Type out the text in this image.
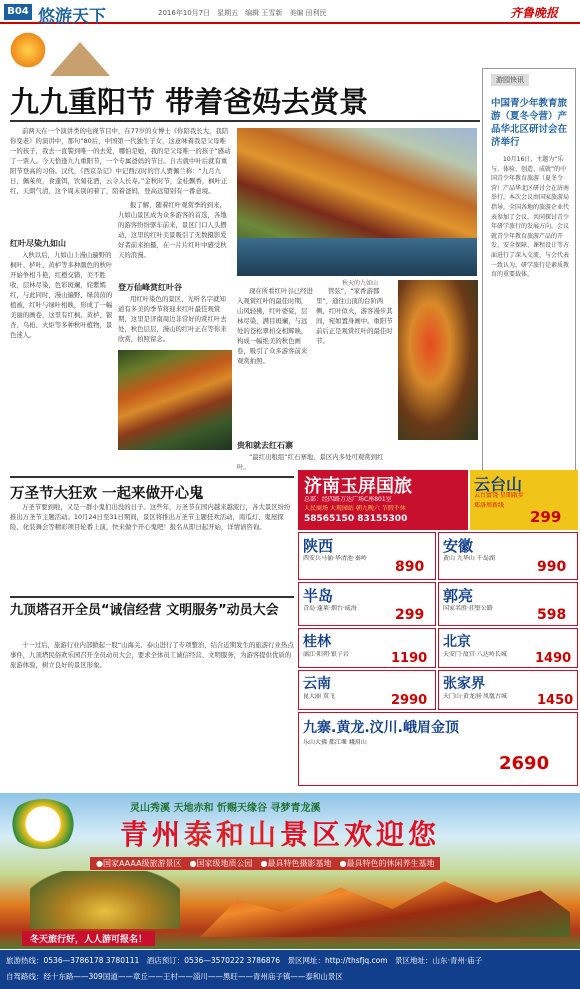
B04 悠游天下	2016年10月7日　星期五　编辑 王雪新　美编 田利民	齐鲁晚报
九九重阳节 带着爸妈去赏景
前两天在一个演讲类的电视节目中，在77岁的女博士《你陪我长大，我陪你变老》的演讲中，那句“80后，中国第一代独生子女，这意味着我是父母唯一的孩子，我去一直警到唯一的去爱，哪怕是她，我的是父母唯一的孩子”感动了一票人。今天恰逢九九重阳节，一个专属爸妈的节日。自古就中叶后就有重阳节登高的习俗。汉代，《西京杂记》中记西汉时的宫人贾佩兰称：“九月九日，佩茱萸，食蓬饵，饮菊花酒，云令人长寿。”金秋时节，金桂飘香，枫叶正红，天朗气清，这个周末别闲着了，陪着爸妈，登高远望别有一番意境。
秋天的九如山
红叶尽染九如山
入秋以后，九如山上漫山遍野的枫叶、栌叶、黄栌等多种颜色的秋叶开始争相斗艳，红橙交错，美不胜收，层林尽染，色彩斑斓，姹紫嫣红，与此同时，漫山遍野、绿茵茵的植被，红叶与绿叶相映，形成了一幅美丽的画卷，这里有红枫、黄栌、银杏、乌桕、火炬等多种秋叶植物，景色迷人。
报了解，随着红叶观赏季的到来，九如山景区成为众多游客的首选，各地的游客纷纷驱车前来，景区门口人头攒动，这里的红叶美景吸引了无数摄影爱好者前来拍摄，在一片片红叶中感受秋天的浪漫。
登万仙峰赏红叶谷
用红叶染色的景区，光听名字就知道有多美的季节将迎来红叶最佳观赏期，这里是济南周边非常好的赏红叶去处，秋色层层，漫山的红叶正在等你来欣赏，拍照留念。
现在所看红叶谷已经进入观赏红叶的最佳时期，山风轻拂，红叶婆娑，层林尽染，满目斑斓，与远处的苍松翠柏交相辉映，构成一幅绝美的秋色画卷，吸引了众多游客前来观赏拍照。
管弦”，“家香游郡里”，通往山顶的台阶两侧，红叶似火，游客漫步其间，宛如置身画中。重阳节前后正是观赏红叶的最佳时节。
贵和就去红石寨
“最红出租组”红石寨地，景区内多处可观赏到红叶。
游园快讯
中国青少年教育旅游（夏冬令营）产品华北区研讨会在济举行
10月16日，主题为“乐与、体验、创造、成就”的中国青少年教育旅游（夏冬令营）产品华北区研讨会在济南举行。本次会议由国家旅游局指导，全国各地的旅游企业代表参加了会议，共同探讨青少年研学旅行的发展方向。会议就青少年教育旅游产品的开发、安全保障、课程设计等方面进行了深入交流，与会代表一致认为，研学旅行是素质教育的重要载体。
万圣节大狂欢 一起来做开心鬼
万圣节要到啦，又是一群小鬼们出没的日子。这些年，万圣节在国内越来越流行，各大景区纷纷推出万圣节主题活动。10月24日至31日期间，景区将推出万圣节主题狂欢活动，南瓜灯、鬼屋探险、化装舞会等精彩项目轮番上演，快来做个开心鬼吧！报名从即日起开始，详情请咨询。
九顶塔召开全员“诚信经营 文明服务”动员大会
十一过后，旅游行业内部掀起一股“山海关、泰山进行了专项整治，结合近期发生的旅游行业热点事件，九顶塔民俗欢乐园召开全员动员大会，要求全体员工诚信经营、文明服务，为游客提供优质的旅游体验，树立良好的景区形象。
济南玉屏国旅
总部：经四路万达广场C座801室
人民商场 大观园站 朝九晚六 节假不休
58565150 83155300
云台山
云台富饶·星期散步
郑洛周新线
299
陕西
西安兵马俑·华清池·秦岭
890
安徽
黄山 九华山 千岛湖
990
半岛
青岛·蓬莱·烟台·威海	299
郭亮
国家名胜·挂壁公路	598
桂林
漓江·阳朔·银子岩	1190
北京
天安门·故宫·八达岭长城	1490
云南
昆大丽 双飞	2990
张家界
天门山·黄龙洞·凤凰古城	1450
九寨.黄龙.汶川.峨眉金顶
乐山大佛 都江堰 峨眉山
2690
灵山秀溪 天地赤和 忻赐天缘谷 寻梦青龙溪
青州泰和山景区欢迎您
●国家AAAA级旅游景区　●国家级地质公园　●最具特色摄影基地　●最具特色的休闲养生基地
冬天旅行好，人人游可报名！
旅游热线：0536—3786178 3780111　酒店预订：0536—3570222 3786876　景区网址：http://thsfjq.com　景区地址：山东·青州·庙子
自驾路线：经十东路——309国道——章丘——王村——淄川——黑旺——青州庙子镇——泰和山景区
